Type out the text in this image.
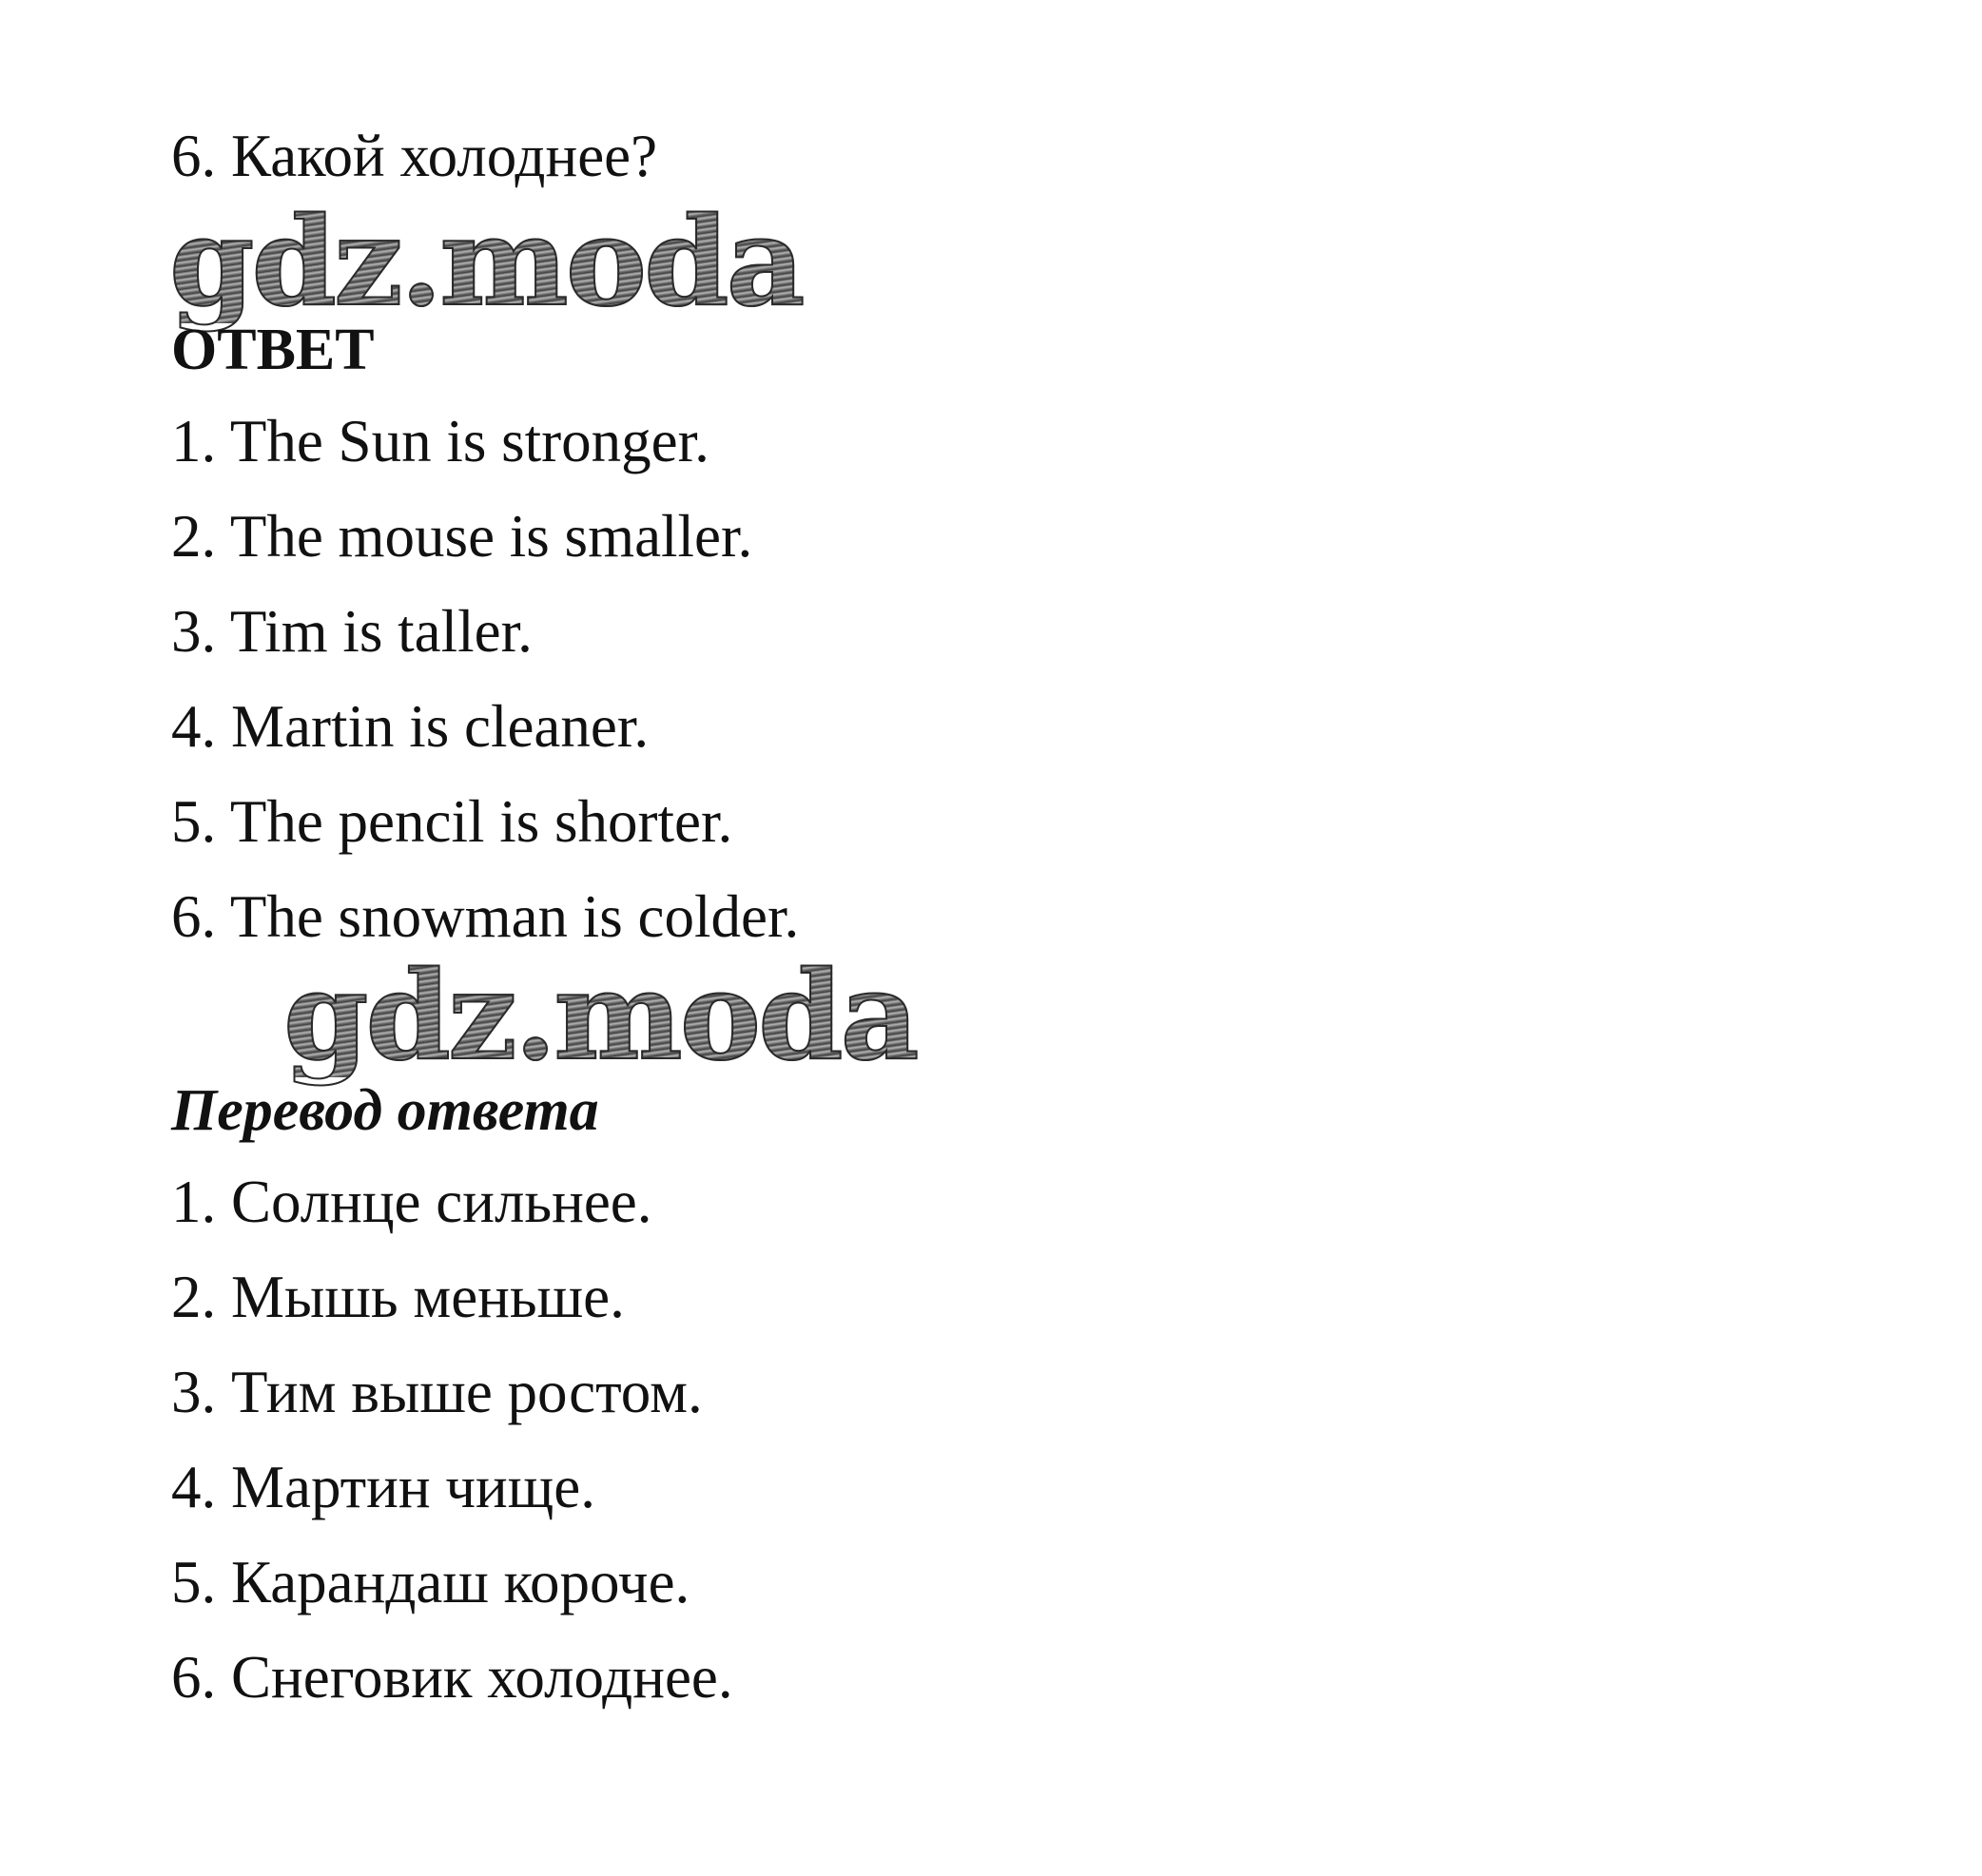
6. Какой холоднее?
gdz.moda
ОТВЕТ
1. The Sun is stronger.
2. The mouse is smaller.
3. Tim is taller.
4. Martin is cleaner.
5. The pencil is shorter.
6. The snowman is colder.
gdz.moda
Перевод ответа
1. Солнце сильнее.
2. Мышь меньше.
3. Тим выше ростом.
4. Мартин чище.
5. Карандаш короче.
6. Снеговик холоднее.
